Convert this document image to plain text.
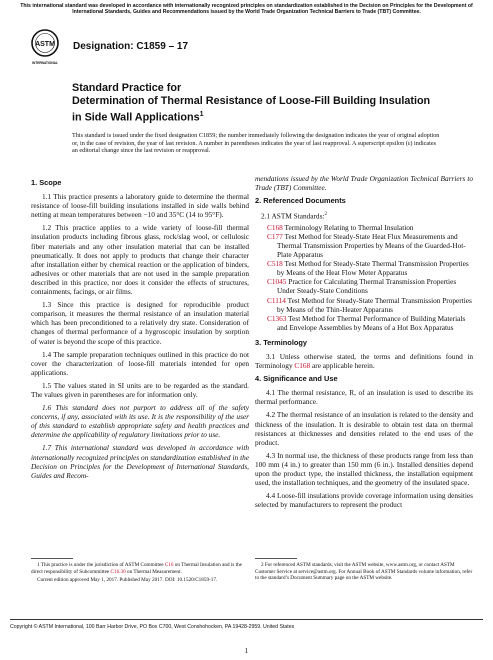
This international standard was developed in accordance with internationally recognized principles on standardization established in the Decision on Principles for the Development of International Standards, Guides and Recommendations issued by the World Trade Organization Technical Barriers to Trade (TBT) Committee.
ASTM
INTERNATIONAL
Designation: C1859 – 17
Standard Practice for
Determination of Thermal Resistance of Loose-Fill Building Insulation in Side Wall Applications$^1$
This standard is issued under the fixed designation C1859; the number immediately following the designation indicates the year of original adoption or, in the case of revision, the year of last revision. A number in parentheses indicates the year of last reapproval. A superscript epsilon (ε) indicates an editorial change since the last revision or reapproval.
1. Scope

1.1 This practice presents a laboratory guide to determine the thermal resistance of loose-fill building insulations installed in side walls behind netting at mean temperatures between −10 and 35°C (14 to 95°F).

1.2 This practice applies to a wide variety of loose-fill thermal insulation products including fibrous glass, rock/slag wool, or cellulosic fiber materials and any other insulation material that can be installed pneumatically. It does not apply to products that change their character after installation either by chemical reaction or the application of binders, adhesives or other materials that are not used in the sample preparation described in this practice, nor does it consider the effects of structures, containments, facings, or air films.

1.3 Since this practice is designed for reproducible product comparison, it measures the thermal resistance of an insulation material which has been preconditioned to a relatively dry state. Consideration of changes of thermal performance of a hygroscopic insulation by sorption of water is beyond the scope of this practice.

1.4 The sample preparation techniques outlined in this practice do not cover the characterization of loose-fill materials intended for open applications.

1.5 The values stated in SI units are to be regarded as the standard. The values given in parentheses are for information only.

1.6 This standard does not purport to address all of the safety concerns, if any, associated with its use. It is the responsibility of the user of this standard to establish appropriate safety and health practices and determine the applicability of regulatory limitations prior to use.

1.7 This international standard was developed in accordance with internationally recognized principles on standardization established in the Decision on Principles for the Development of International Standards, Guides and Recom-

mendations issued by the World Trade Organization Technical Barriers to Trade (TBT) Committee.

2. Referenced Documents
2.1 ASTM Standards:$^2$
C168 Terminology Relating to Thermal Insulation
C177 Test Method for Steady-State Heat Flux Measurements and Thermal Transmission Properties by Means of the Guarded-Hot-Plate Apparatus
C518 Test Method for Steady-State Thermal Transmission Properties by Means of the Heat Flow Meter Apparatus
C1045 Practice for Calculating Thermal Transmission Properties Under Steady-State Conditions
C1114 Test Method for Steady-State Thermal Transmission Properties by Means of the Thin-Heater Apparatus
C1363 Test Method for Thermal Performance of Building Materials and Envelope Assemblies by Means of a Hot Box Apparatus
3. Terminology

3.1 Unless otherwise stated, the terms and definitions found in Terminology C168 are applicable herein.

4. Significance and Use

4.1 The thermal resistance, R, of an insulation is used to describe its thermal performance.

4.2 The thermal resistance of an insulation is related to the density and thickness of the insulation. It is desirable to obtain test data on thermal resistances at thicknesses and densities related to the end uses of the product.

4.3 In normal use, the thickness of these products range from less than 100 mm (4 in.) to greater than 150 mm (6 in.). Installed densities depend upon the product type, the installed thickness, the installation equipment used, the installation techniques, and the geometry of the insulated space.

4.4 Loose-fill insulations provide coverage information using densities selected by manufacturers to represent the product

1 This practice is under the jurisdiction of ASTM Committee C16 on Thermal Insulation and is the direct responsibility of Subcommittee C16.30 on Thermal Measurement.

Current edition approved May 1, 2017. Published May 2017. DOI: 10.1520/C1859-17.

2 For referenced ASTM standards, visit the ASTM website, www.astm.org, or contact ASTM Customer Service at service@astm.org. For Annual Book of ASTM Standards volume information, refer to the standard’s Document Summary page on the ASTM website.

Copyright © ASTM International, 100 Barr Harbor Drive, PO Box C700, West Conshohocken, PA 19428-2959. United States
1
